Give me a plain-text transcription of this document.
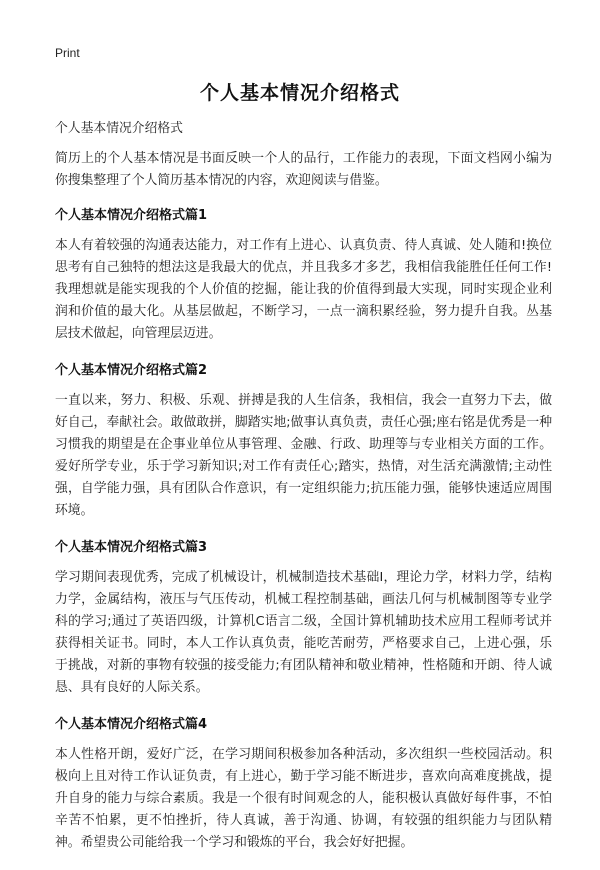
Print
个人基本情况介绍格式

个人基本情况介绍格式

简历上的个人基本情况是书面反映一个人的品行，工作能力的表现，下面文档网小编为你搜集整理了个人简历基本情况的内容，欢迎阅读与借鉴。

个人基本情况介绍格式篇1

本人有着较强的沟通表达能力，对工作有上进心、认真负责、待人真诚、处人随和!换位思考有自己独特的想法这是我最大的优点，并且我多才多艺，我相信我能胜任任何工作!我理想就是能实现我的个人价值的挖掘，能让我的价值得到最大实现，同时实现企业利润和价值的最大化。从基层做起，不断学习，一点一滴积累经验，努力提升自我。丛基层技术做起，向管理层迈进。

个人基本情况介绍格式篇2

一直以来，努力、积极、乐观、拼搏是我的人生信条，我相信，我会一直努力下去，做好自己，奉献社会。敢做敢拼，脚踏实地;做事认真负责，责任心强;座右铭是优秀是一种习惯我的期望是在企事业单位从事管理、金融、行政、助理等与专业相关方面的工作。爱好所学专业，乐于学习新知识;对工作有责任心;踏实，热情，对生活充满激情;主动性强，自学能力强，具有团队合作意识，有一定组织能力;抗压能力强，能够快速适应周围环境。

个人基本情况介绍格式篇3

学习期间表现优秀，完成了机械设计，机械制造技术基础I，理论力学，材料力学，结构力学，金属结构，液压与气压传动，机械工程控制基础，画法几何与机械制图等专业学科的学习;通过了英语四级，计算机C语言二级，全国计算机辅助技术应用工程师考试并获得相关证书。同时，本人工作认真负责，能吃苦耐劳，严格要求自己，上进心强，乐于挑战，对新的事物有较强的接受能力;有团队精神和敬业精神，性格随和开朗、待人诚恳、具有良好的人际关系。

个人基本情况介绍格式篇4

本人性格开朗，爱好广泛，在学习期间积极参加各种活动，多次组织一些校园活动。积极向上且对待工作认证负责，有上进心，勤于学习能不断进步，喜欢向高难度挑战，提升自身的能力与综合素质。我是一个很有时间观念的人，能积极认真做好每件事，不怕辛苦不怕累，更不怕挫折，待人真诚，善于沟通、协调，有较强的组织能力与团队精神。希望贵公司能给我一个学习和锻炼的平台，我会好好把握。
